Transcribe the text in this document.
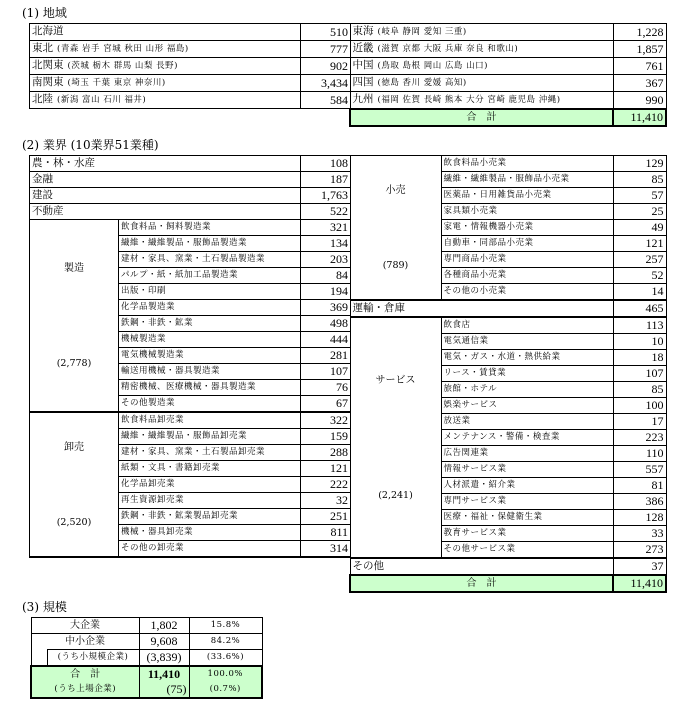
(1) 地域
北海道	510
東北 (青森 岩手 宮城 秋田 山形 福島)	777
北関東 (茨城 栃木 群馬 山梨 長野)	902
南関東 (埼玉 千葉 東京 神奈川)	3,434
北陸 (新潟 富山 石川 福井)	584
東海 (岐阜 静岡 愛知 三重)	1,228
近畿 (滋賀 京都 大阪 兵庫 奈良 和歌山)	1,857
中国 (鳥取 島根 岡山 広島 山口)	761
四国 (徳島 香川 愛媛 高知)	367
九州 (福岡 佐賀 長崎 熊本 大分 宮崎 鹿児島 沖縄)	990
合　計	11,410
(2) 業界 (10業界51業種)
農・林・水産		108
金融		187
建設		1,763
不動産		522

製造
(2,778)	飲食料品・飼料製造業	321
	繊維・繊維製品・服飾品製造業	134
	建材・家具、窯業・土石製品製造業	203
	パルプ・紙・紙加工品製造業	84
	出版・印刷	194
	化学品製造業	369
	鉄鋼・非鉄・鉱業	498
	機械製造業	444
	電気機械製造業	281
	輸送用機械・器具製造業	107
	精密機械、医療機械・器具製造業	76
	その他製造業	67

卸売
(2,520)	飲食料品卸売業	322
	繊維・繊維製品・服飾品卸売業	159
	建材・家具、窯業・土石製品卸売業	288
	紙類・文具・書籍卸売業	121
	化学品卸売業	222
	再生資源卸売業	32
	鉄鋼・非鉄・鉱業製品卸売業	251
	機械・器具卸売業	811
	その他の卸売業	314
小売
(789)	飲食料品小売業	129
	繊維・繊維製品・服飾品小売業	85
	医薬品・日用雑貨品小売業	57
	家具類小売業	25
	家電・情報機器小売業	49
	自動車・同部品小売業	121
	専門商品小売業	257
	各種商品小売業	52
	その他の小売業	14
運輸・倉庫		465

サービス
(2,241)	飲食店	113
	電気通信業	10
	電気・ガス・水道・熱供給業	18
	リース・賃貸業	107
	旅館・ホテル	85
	娯楽サービス	100
	放送業	17
	メンテナンス・警備・検査業	223
	広告関連業	110
	情報サービス業	557
	人材派遣・紹介業	81
	専門サービス業	386
	医療・福祉・保健衛生業	128
	教育サービス業	33
	その他サービス業	273
その他		37
合　計		11,410
(3) 規模
大企業		1,802	15.8%
中小企業		9,608	84.2%
	(うち小規模企業)	(3,839)	(33.6%)
合　計		11,410	100.0%
(うち上場企業)		(75)	(0.7%)
